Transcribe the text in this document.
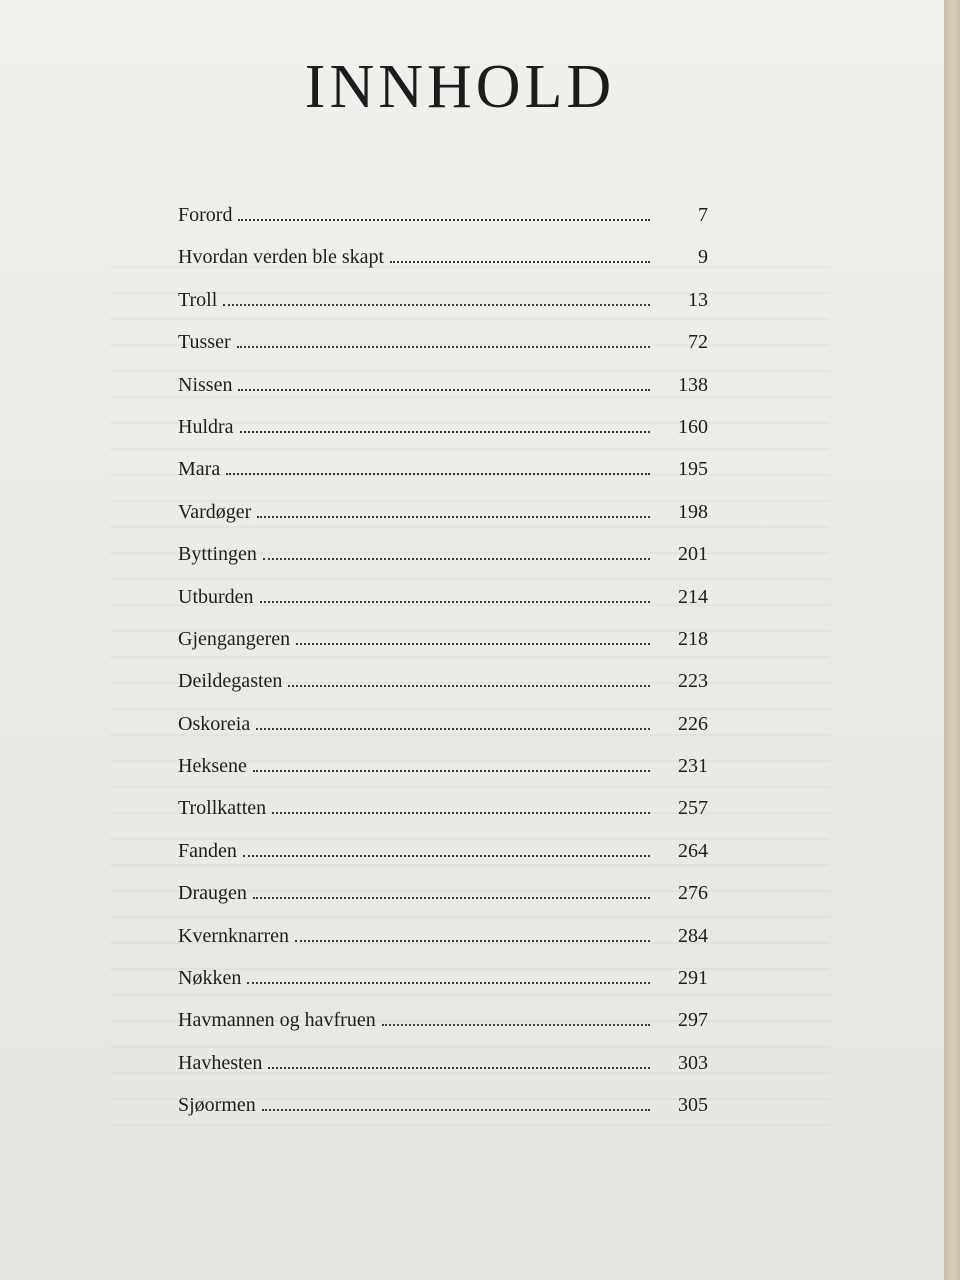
INNHOLD
Forord	7
Hvordan verden ble skapt	9
Troll	13
Tusser	72
Nissen	138
Huldra	160
Mara	195
Vardøger	198
Byttingen	201
Utburden	214
Gjengangeren	218
Deildegasten	223
Oskoreia	226
Heksene	231
Trollkatten	257
Fanden	264
Draugen	276
Kvernknarren	284
Nøkken	291
Havmannen og havfruen	297
Havhesten	303
Sjøormen	305
